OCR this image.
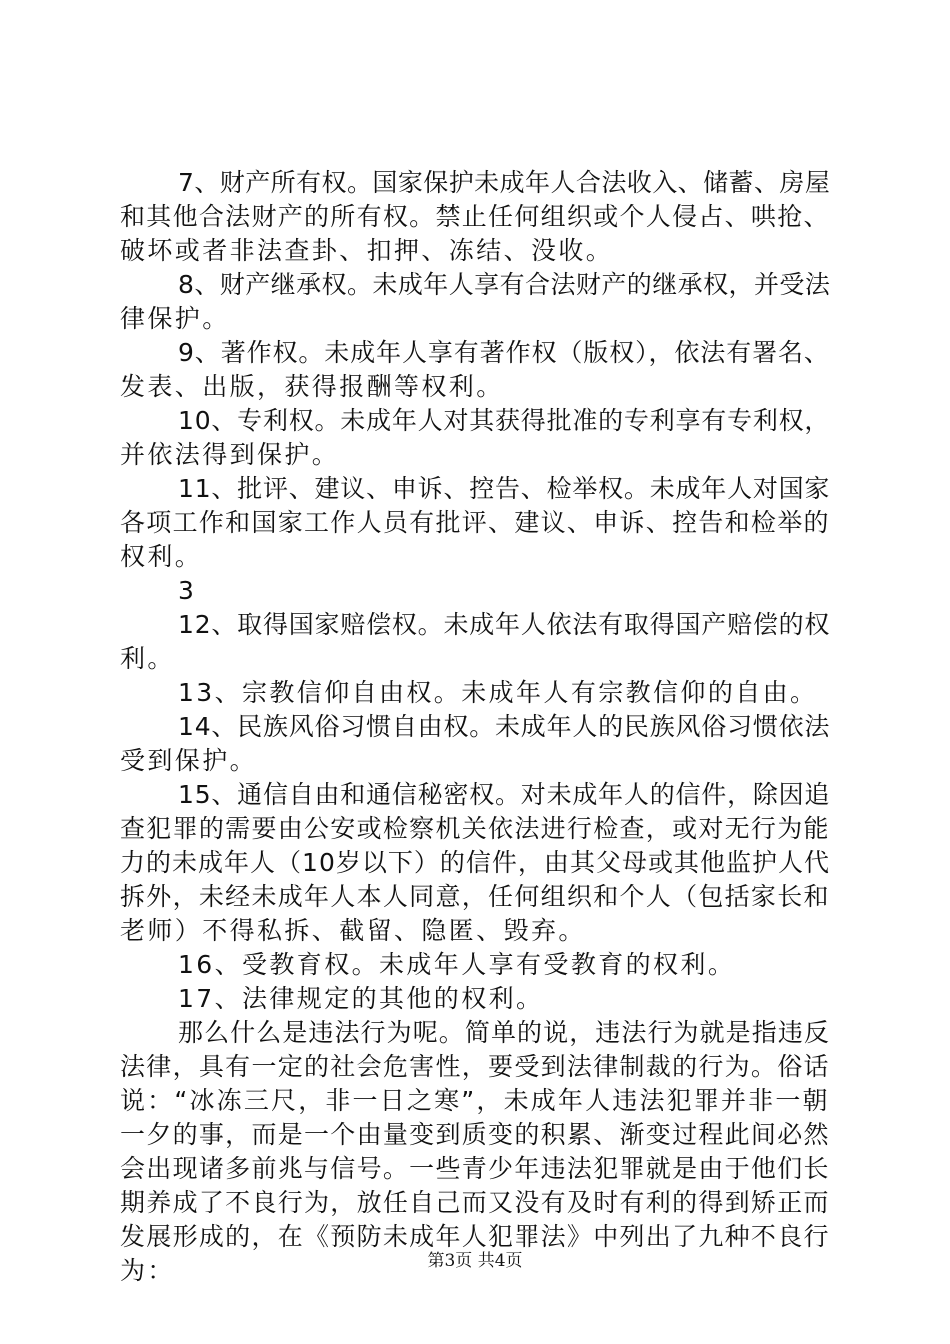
7、财产所有权。国家保护未成年人合法收入、储蓄、房屋
和其他合法财产的所有权。禁止任何组织或个人侵占、哄抢、
破坏或者非法查卦、扣押、冻结、没收。
8、财产继承权。未成年人享有合法财产的继承权，并受法
律保护。
9、著作权。未成年人享有著作权（版权），依法有署名、
发表、出版，获得报酬等权利。
10、专利权。未成年人对其获得批准的专利享有专利权，
并依法得到保护。
11、批评、建议、申诉、控告、检举权。未成年人对国家
各项工作和国家工作人员有批评、建议、申诉、控告和检举的
权利。
3
12、取得国家赔偿权。未成年人依法有取得国产赔偿的权
利。
13、宗教信仰自由权。未成年人有宗教信仰的自由。
14、民族风俗习惯自由权。未成年人的民族风俗习惯依法
受到保护。
15、通信自由和通信秘密权。对未成年人的信件，除因追
查犯罪的需要由公安或检察机关依法进行检查，或对无行为能
力的未成年人（10岁以下）的信件，由其父母或其他监护人代
拆外，未经未成年人本人同意，任何组织和个人（包括家长和
老师）不得私拆、截留、隐匿、毁弃。
16、受教育权。未成年人享有受教育的权利。
17、法律规定的其他的权利。
那么什么是违法行为呢。简单的说，违法行为就是指违反
法律，具有一定的社会危害性，要受到法律制裁的行为。俗话
说：“冰冻三尺，非一日之寒”，未成年人违法犯罪并非一朝
一夕的事，而是一个由量变到质变的积累、渐变过程此间必然
会出现诸多前兆与信号。一些青少年违法犯罪就是由于他们长
期养成了不良行为，放任自己而又没有及时有利的得到矫正而
发展形成的，在《预防未成年人犯罪法》中列出了九种不良行
为：	第3页 共4页
